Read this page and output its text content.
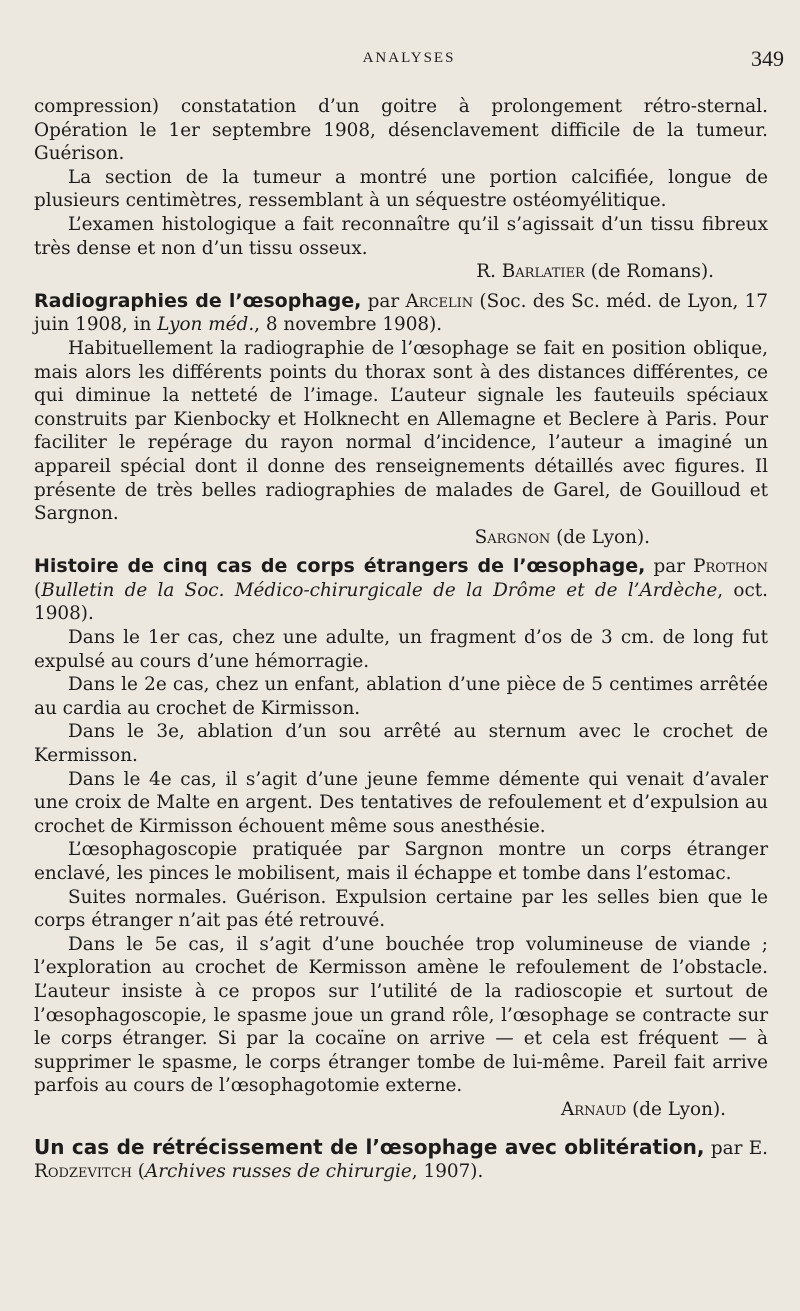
ANALYSES	349

compression) constatation d’un goitre à prolongement rétro-sternal. Opération le 1er septembre 1908, désenclavement difficile de la tumeur. Guérison.

La section de la tumeur a montré une portion calcifiée, longue de plusieurs centimètres, ressemblant à un séquestre ostéomyélitique.

L’examen histologique a fait reconnaître qu’il s’agissait d’un tissu fibreux très dense et non d’un tissu osseux.

R. Barlatier (de Romans).

Radiographies de l’œsophage, par Arcelin (Soc. des Sc. méd. de Lyon, 17 juin 1908, in Lyon méd., 8 novembre 1908).

Habituellement la radiographie de l’œsophage se fait en position oblique, mais alors les différents points du thorax sont à des distances différentes, ce qui diminue la netteté de l’image. L’auteur signale les fauteuils spéciaux construits par Kienbocky et Holknecht en Allemagne et Beclere à Paris. Pour faciliter le repérage du rayon normal d’incidence, l’auteur a imaginé un appareil spécial dont il donne des renseignements détaillés avec figures. Il présente de très belles radiographies de malades de Garel, de Gouilloud et Sargnon.

Sargnon (de Lyon).

Histoire de cinq cas de corps étrangers de l’œsophage, par Prothon (Bulletin de la Soc. Médico-chirurgicale de la Drôme et de l’Ardèche, oct. 1908).

Dans le 1er cas, chez une adulte, un fragment d’os de 3 cm. de long fut expulsé au cours d’une hémorragie.

Dans le 2e cas, chez un enfant, ablation d’une pièce de 5 centimes arrêtée au cardia au crochet de Kirmisson.

Dans le 3e, ablation d’un sou arrêté au sternum avec le crochet de Kermisson.

Dans le 4e cas, il s’agit d’une jeune femme démente qui venait d’avaler une croix de Malte en argent. Des tentatives de refoulement et d’expulsion au crochet de Kirmisson échouent même sous anesthésie.

L’œsophagoscopie pratiquée par Sargnon montre un corps étranger enclavé, les pinces le mobilisent, mais il échappe et tombe dans l’estomac.

Suites normales. Guérison. Expulsion certaine par les selles bien que le corps étranger n’ait pas été retrouvé.

Dans le 5e cas, il s’agit d’une bouchée trop volumineuse de viande ; l’exploration au crochet de Kermisson amène le refoulement de l’obstacle. L’auteur insiste à ce propos sur l’utilité de la radioscopie et surtout de l’œsophagoscopie, le spasme joue un grand rôle, l’œsophage se contracte sur le corps étranger. Si par la cocaïne on arrive — et cela est fréquent — à supprimer le spasme, le corps étranger tombe de lui-même. Pareil fait arrive parfois au cours de l’œsophagotomie externe.

Arnaud (de Lyon).

Un cas de rétrécissement de l’œsophage avec oblitération, par E. Rodzevitch (Archives russes de chirurgie, 1907).
